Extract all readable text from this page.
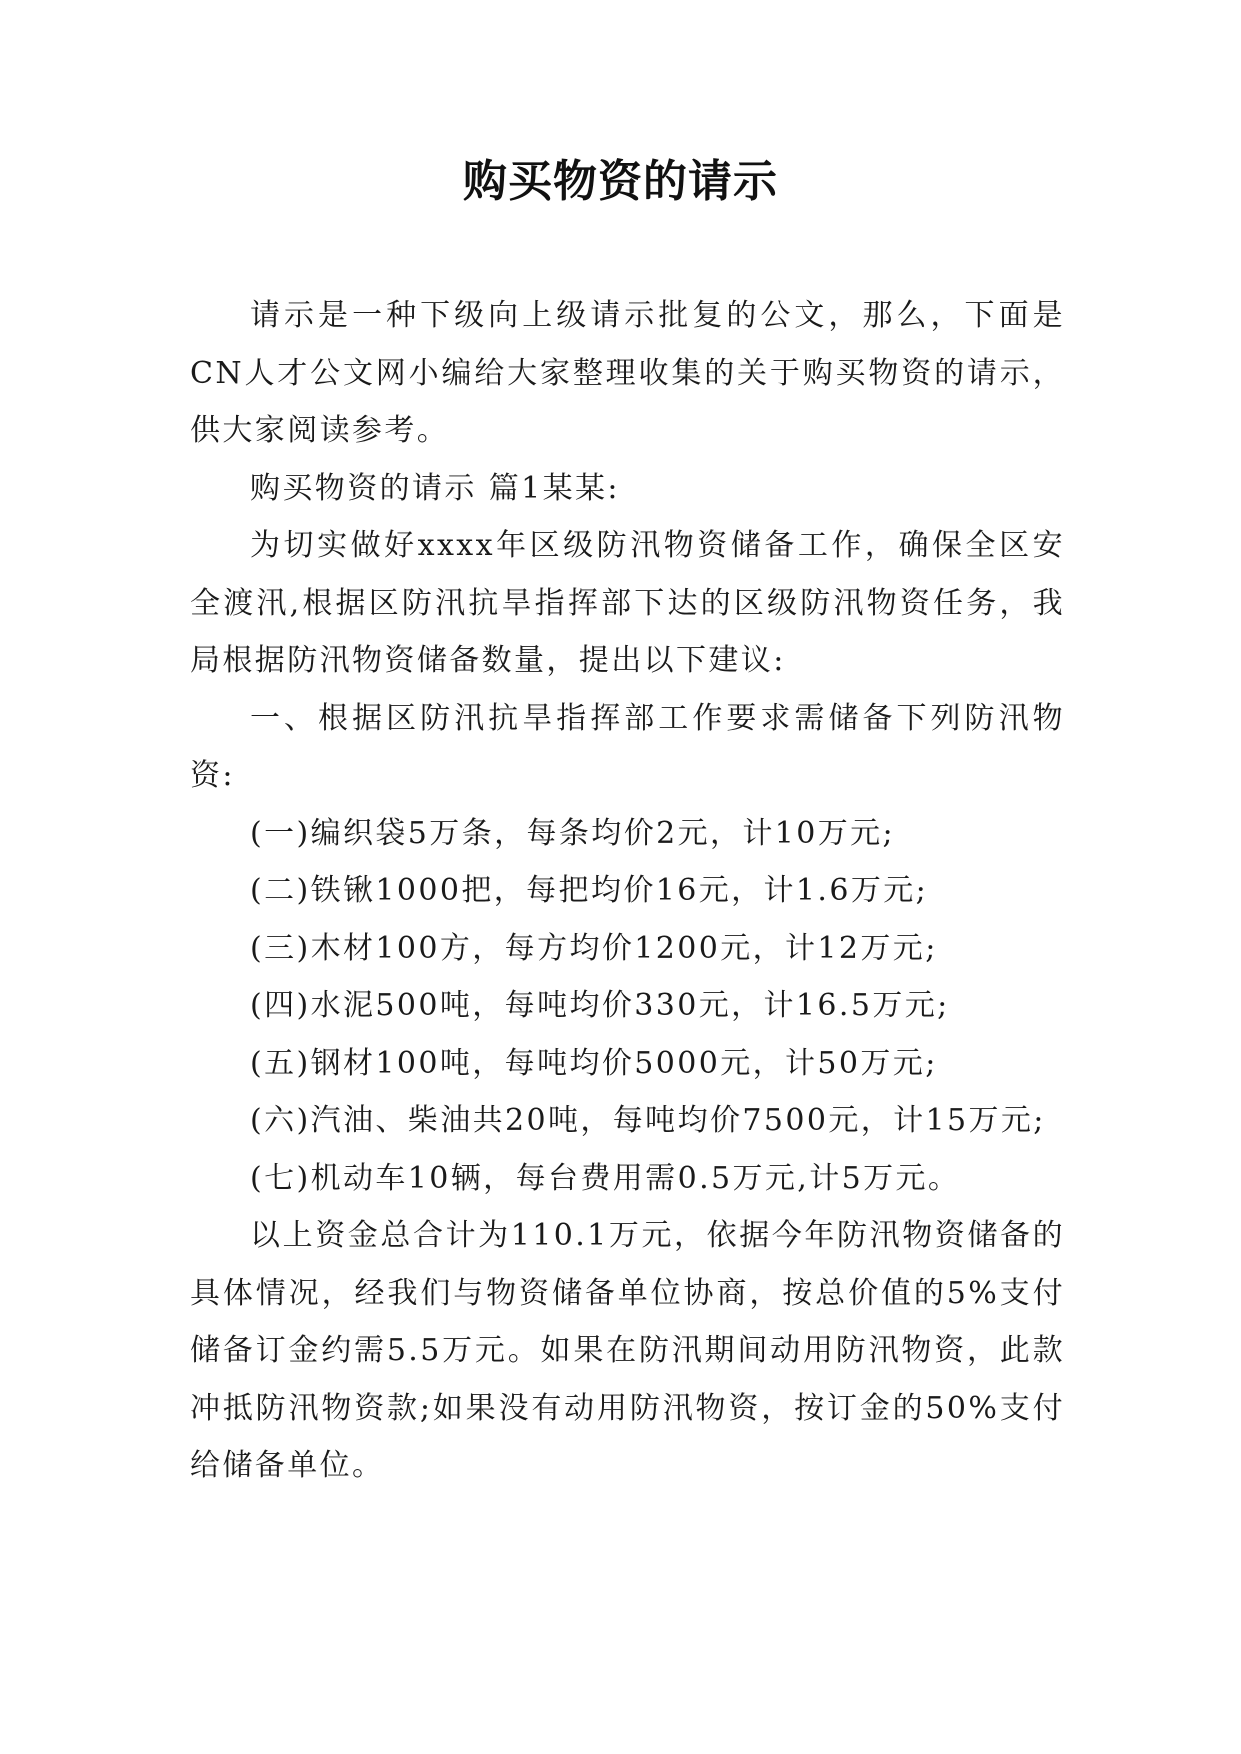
购买物资的请示

请示是一种下级向上级请示批复的公文，那么，下面是CN人才公文网小编给大家整理收集的关于购买物资的请示，供大家阅读参考。

购买物资的请示 篇1某某:

为切实做好xxxx年区级防汛物资储备工作，确保全区安全渡汛,根据区防汛抗旱指挥部下达的区级防汛物资任务，我局根据防汛物资储备数量，提出以下建议:

一、根据区防汛抗旱指挥部工作要求需储备下列防汛物资:

(一)编织袋5万条，每条均价2元，计10万元;

(二)铁锹1000把，每把均价16元，计1.6万元;

(三)木材100方，每方均价1200元，计12万元;

(四)水泥500吨，每吨均价330元，计16.5万元;

(五)钢材100吨，每吨均价5000元，计50万元;

(六)汽油、柴油共20吨，每吨均价7500元，计15万元;

(七)机动车10辆，每台费用需0.5万元,计5万元。

以上资金总合计为110.1万元，依据今年防汛物资储备的具体情况，经我们与物资储备单位协商，按总价值的5%支付储备订金约需5.5万元。如果在防汛期间动用防汛物资，此款冲抵防汛物资款;如果没有动用防汛物资，按订金的50%支付给储备单位。
